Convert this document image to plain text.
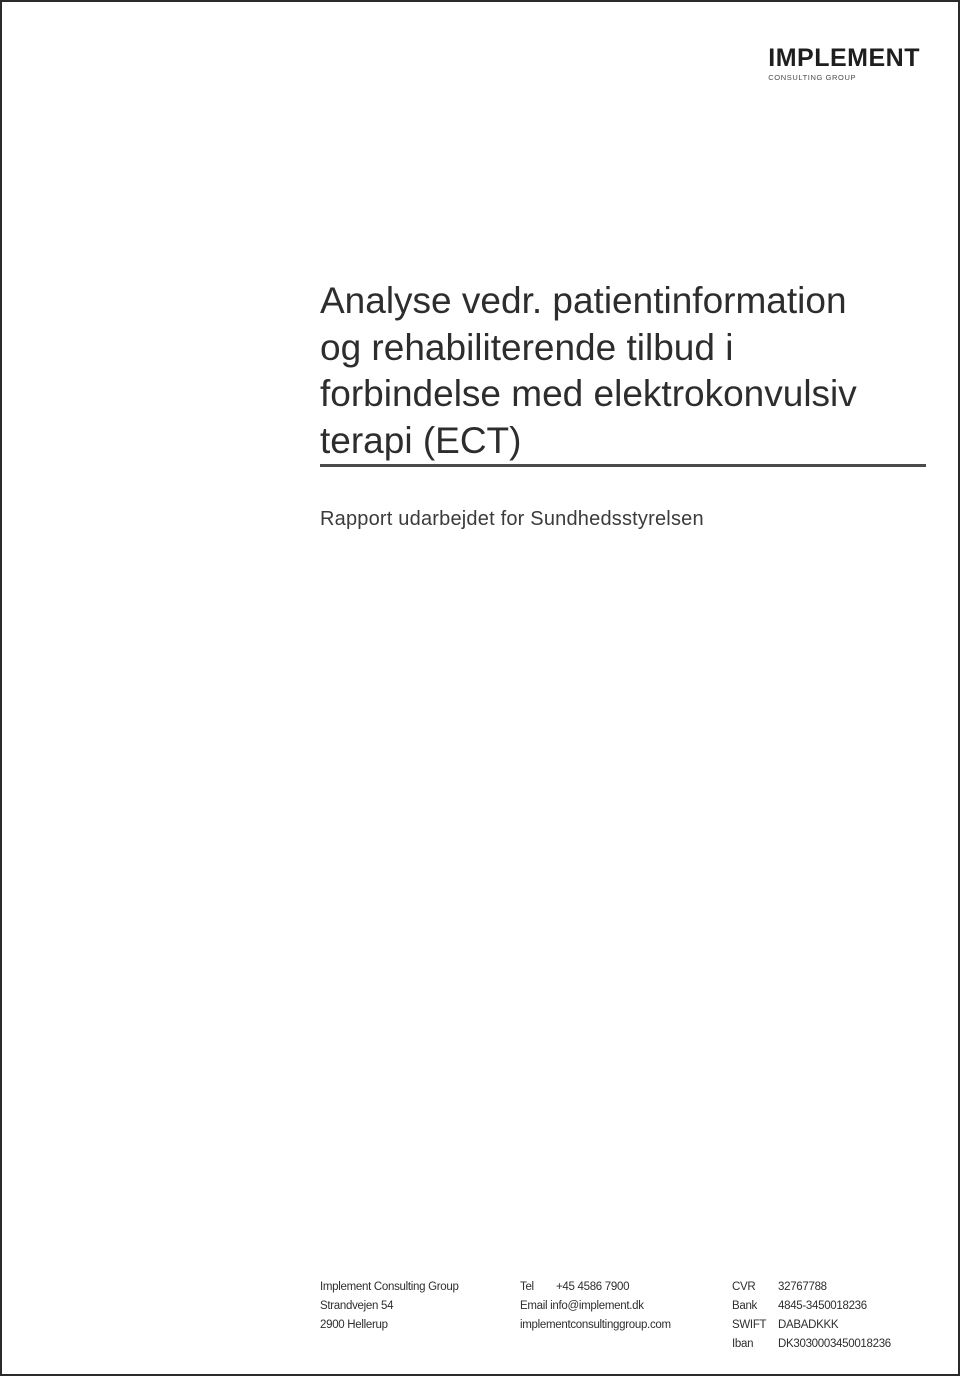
IMPLEMENT
CONSULTING GROUP
Analyse vedr. patientinformation
og rehabiliterende tilbud i
forbindelse med elektrokonvulsiv
terapi (ECT)
Rapport udarbejdet for Sundhedsstyrelsen
Implement Consulting Group
Strandvejen 54
2900 Hellerup
Tel +45 4586 7900
Email info@implement.dk
implementconsultinggroup.com
CVR 32767788
Bank 4845-3450018236
SWIFT DABADKKK
Iban DK3030003450018236
